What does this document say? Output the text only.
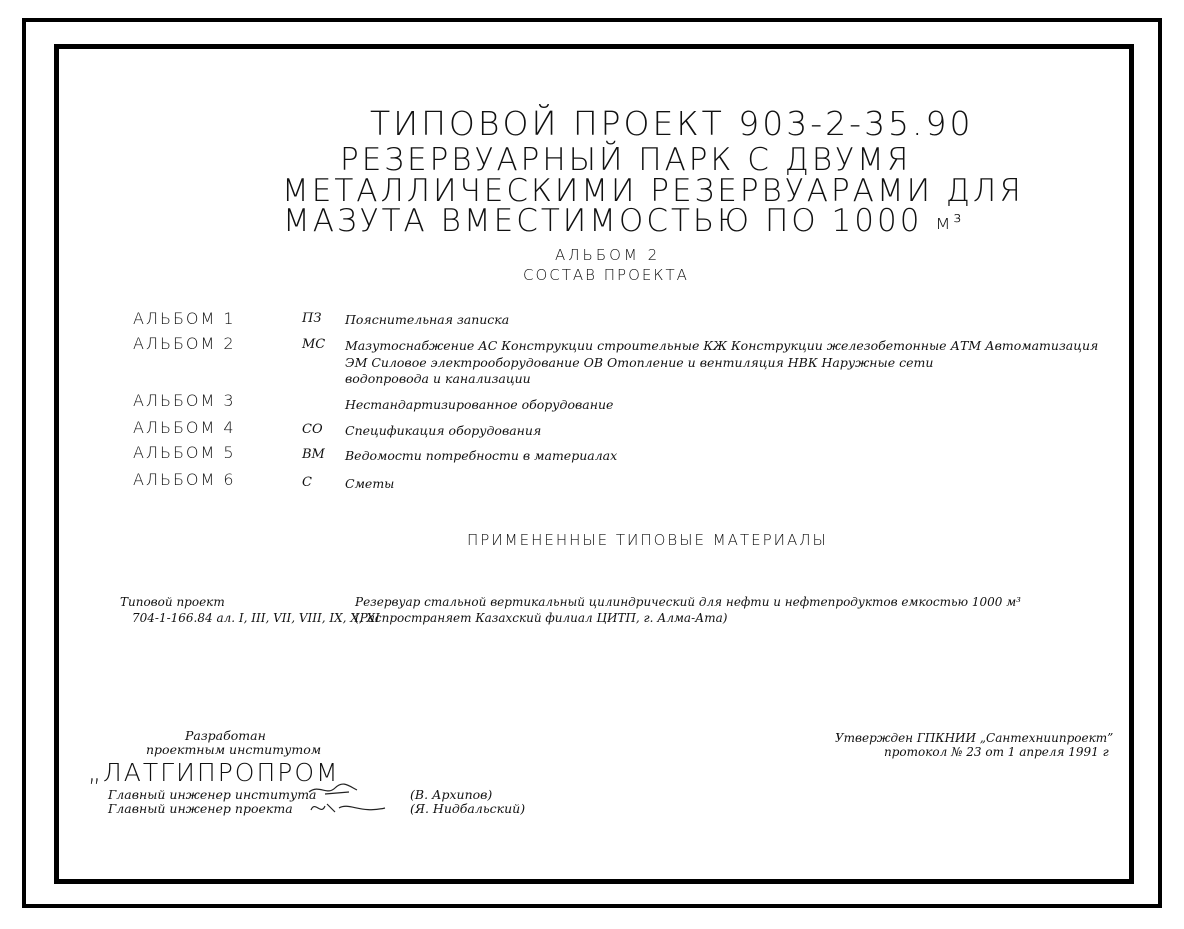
ТИПОВОЙ ПРОЕКТ 903-2-35.90
РЕЗЕРВУАРНЫЙ ПАРК С ДВУМЯ
МЕТАЛЛИЧЕСКИМИ РЕЗЕРВУАРАМИ ДЛЯ
МАЗУТА ВМЕСТИМОСТЬЮ ПО 1000 м³
АЛЬБОМ 2
СОСТАВ ПРОЕКТА
АЛЬБОМ 1	ПЗ Пояснительная записка
АЛЬБОМ 2	МС Мазутоснабжение АС Конструкции строительные КЖ Конструкции железобетонные АТМ Автоматизация
ЭМ Силовое электрооборудование ОВ Отопление и вентиляция НВК Наружные сети
водопровода и канализации
АЛЬБОМ 3	Нестандартизированное оборудование
АЛЬБОМ 4	СО Спецификация оборудования
АЛЬБОМ 5	ВМ Ведомости потребности в материалах
АЛЬБОМ 6	С	Сметы
ПРИМЕНЕННЫЕ ТИПОВЫЕ МАТЕРИАЛЫ
Типовой проект
704-1-166.84 ал. I, III, VII, VIII, IX, X, XI
Резервуар стальной вертикальный цилиндрический для нефти и нефтепродуктов емкостью 1000 м³
(Распространяет Казахский филиал ЦИТП, г. Алма-Ата)
Разработан
проектным институтом
„ЛАТГИПРОПРОМ
Главный инженер института
Главный инженер проекта
(В. Архипов)
(Я. Нидбальский)
Утвержден ГПКНИИ „Сантехниипроект”
протокол № 23 от 1 апреля 1991 г
